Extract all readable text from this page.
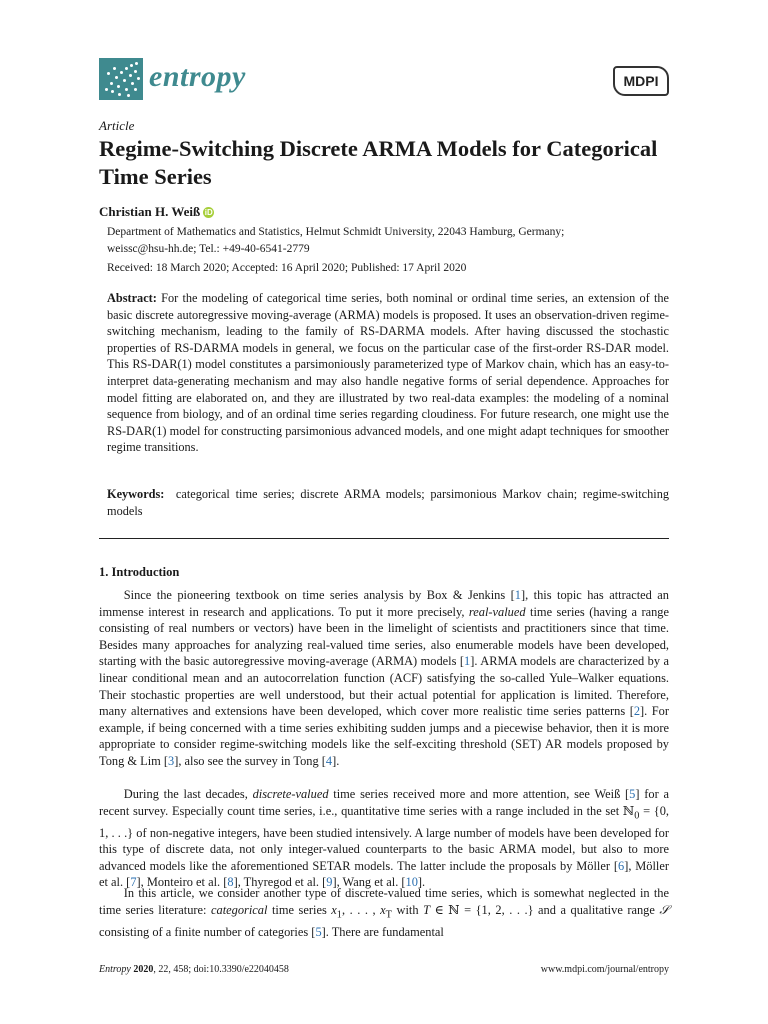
entropy	MDPI
Article
Regime-Switching Discrete ARMA Models for Categorical Time Series
Christian H. Weiß iD
Department of Mathematics and Statistics, Helmut Schmidt University, 22043 Hamburg, Germany;
weissc@hsu-hh.de; Tel.: +49-40-6541-2779
Received: 18 March 2020; Accepted: 16 April 2020; Published: 17 April 2020
Abstract: For the modeling of categorical time series, both nominal or ordinal time series, an extension of the basic discrete autoregressive moving-average (ARMA) models is proposed. It uses an observation-driven regime-switching mechanism, leading to the family of RS-DARMA models. After having discussed the stochastic properties of RS-DARMA models in general, we focus on the particular case of the first-order RS-DAR model. This RS-DAR(1) model constitutes a parsimoniously parameterized type of Markov chain, which has an easy-to-interpret data-generating mechanism and may also handle negative forms of serial dependence. Approaches for model fitting are elaborated on, and they are illustrated by two real-data examples: the modeling of a nominal sequence from biology, and of an ordinal time series regarding cloudiness. For future research, one might use the RS-DAR(1) model for constructing parsimonious advanced models, and one might adapt techniques for smoother regime transitions.
Keywords: categorical time series; discrete ARMA models; parsimonious Markov chain; regime-switching models
1. Introduction

  Since the pioneering textbook on time series analysis by Box & Jenkins [1], this topic has attracted an immense interest in research and applications. To put it more precisely, real-valued time series (having a range consisting of real numbers or vectors) have been in the limelight of scientists and practitioners since that time. Besides many approaches for analyzing real-valued time series, also enumerable models have been developed, starting with the basic autoregressive moving-average (ARMA) models [1]. ARMA models are characterized by a linear conditional mean and an autocorrelation function (ACF) satisfying the so-called Yule–Walker equations. Their stochastic properties are well understood, but their actual potential for application is limited. Therefore, many alternatives and extensions have been developed, which cover more realistic time series patterns [2]. For example, if being concerned with a time series exhibiting sudden jumps and a piecewise behavior, then it is more appropriate to consider regime-switching models like the self-exciting threshold (SET) AR models proposed by Tong & Lim [3], also see the survey in Tong [4].

  During the last decades, discrete-valued time series received more and more attention, see Weiß [5] for a recent survey. Especially count time series, i.e., quantitative time series with a range included in the set ℕ$_0$ = {0, 1, . . .} of non-negative integers, have been studied intensively. A large number of models have been developed for this type of discrete data, not only integer-valued counterparts to the basic ARMA model, but also to more advanced models like the aforementioned SETAR models. The latter include the proposals by Möller [6], Möller et al. [7], Monteiro et al. [8], Thyregod et al. [9], Wang et al. [10].

  In this article, we consider another type of discrete-valued time series, which is somewhat neglected in the time series literature: categorical time series $x_1$, . . . , $x_T$ with T ∈ ℕ = {1, 2, . . .} and a qualitative range 𝒮 consisting of a finite number of categories [5]. There are fundamental

Entropy 2020, 22, 458; doi:10.3390/e22040458	www.mdpi.com/journal/entropy
